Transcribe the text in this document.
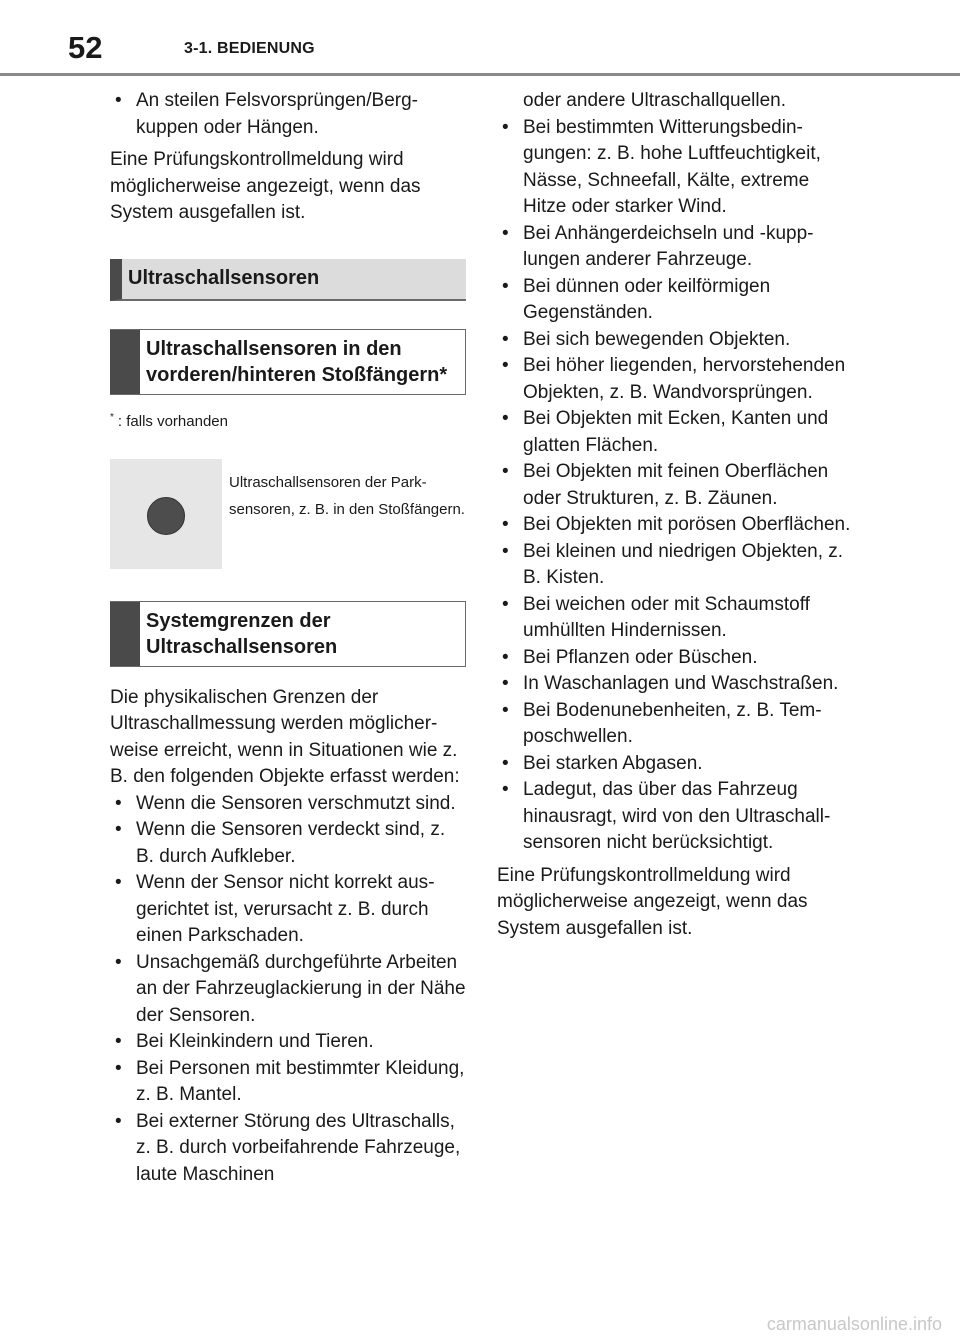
52	3-1. BEDIENUNG
• An steilen Felsvorsprüngen/Bergkuppen oder Hängen.

Eine Prüfungskontrollmeldung wird möglicherweise angezeigt, wenn das System ausgefallen ist.

Ultraschallsensoren
Ultraschallsensoren in den vorderen/hinteren Stoßfängern*
* : falls vorhanden
Ultraschallsensoren der Parksensoren, z. B. in den Stoßfängern.
Systemgrenzen der Ultraschallsensoren

Die physikalischen Grenzen der Ultraschallmessung werden möglicherweise erreicht, wenn in Situationen wie z. B. den folgenden Objekte erfasst werden:

• Wenn die Sensoren verschmutzt sind.
• Wenn die Sensoren verdeckt sind, z. B. durch Aufkleber.
• Wenn der Sensor nicht korrekt ausgerichtet ist, verursacht z. B. durch einen Parkschaden.
• Unsachgemäß durchgeführte Arbeiten an der Fahrzeuglackierung in der Nähe der Sensoren.
• Bei Kleinkindern und Tieren.
• Bei Personen mit bestimmter Kleidung, z. B. Mantel.
• Bei externer Störung des Ultraschalls, z. B. durch vorbeifahrende Fahrzeuge, laute Maschinen
oder andere Ultraschallquellen.
• Bei bestimmten Witterungsbedingungen: z. B. hohe Luftfeuchtigkeit, Nässe, Schneefall, Kälte, extreme Hitze oder starker Wind.
• Bei Anhängerdeichseln und -kupplungen anderer Fahrzeuge.
• Bei dünnen oder keilförmigen Gegenständen.
• Bei sich bewegenden Objekten.
• Bei höher liegenden, hervorstehenden Objekten, z. B. Wandvorsprüngen.
• Bei Objekten mit Ecken, Kanten und glatten Flächen.
• Bei Objekten mit feinen Oberflächen oder Strukturen, z. B. Zäunen.
• Bei Objekten mit porösen Oberflächen.
• Bei kleinen und niedrigen Objekten, z. B. Kisten.
• Bei weichen oder mit Schaumstoff umhüllten Hindernissen.
• Bei Pflanzen oder Büschen.
• In Waschanlagen und Waschstraßen.
• Bei Bodenunebenheiten, z. B. Temposchwellen.
• Bei starken Abgasen.
• Ladegut, das über das Fahrzeug hinausragt, wird von den Ultraschallsensoren nicht berücksichtigt.

Eine Prüfungskontrollmeldung wird möglicherweise angezeigt, wenn das System ausgefallen ist.

carmanualsonline.info
